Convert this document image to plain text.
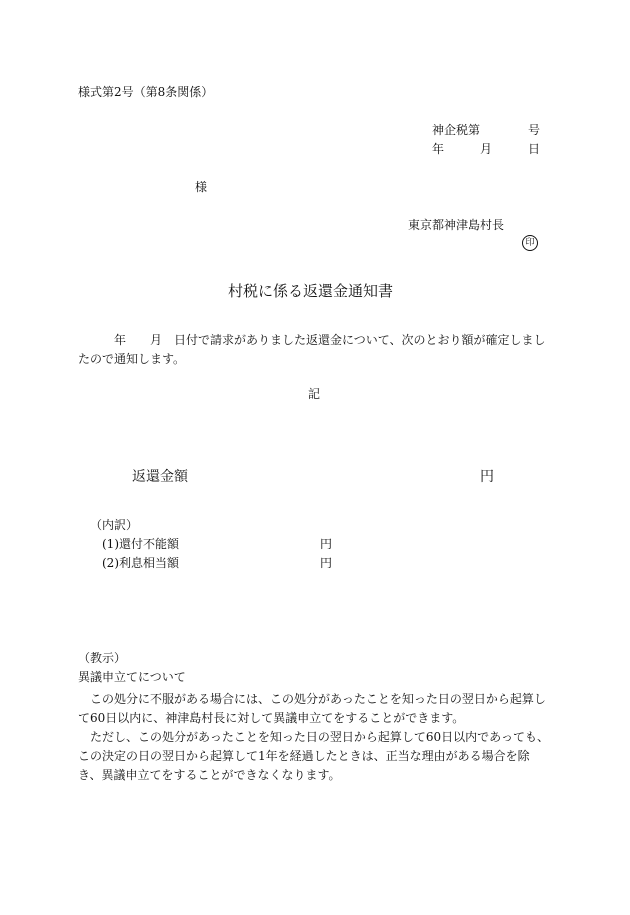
様式第2号（第8条関係）
神企税第	号
年	月	日
様
東京都神津島村長
印
村税に係る返還金通知書
年 月 日付で請求がありました返還金について、次のとおり額が確定しましたので通知します。
記
返還金額	円
（内訳）
(1)還付不能額	円
(2)利息相当額	円
（教示）
異議申立てについて
この処分に不服がある場合には、この処分があったことを知った日の翌日から起算して60日以内に、神津島村長に対して異議申立てをすることができます。
ただし、この処分があったことを知った日の翌日から起算して60日以内であっても、この決定の日の翌日から起算して1年を経過したときは、正当な理由がある場合を除き、異議申立てをすることができなくなります。
